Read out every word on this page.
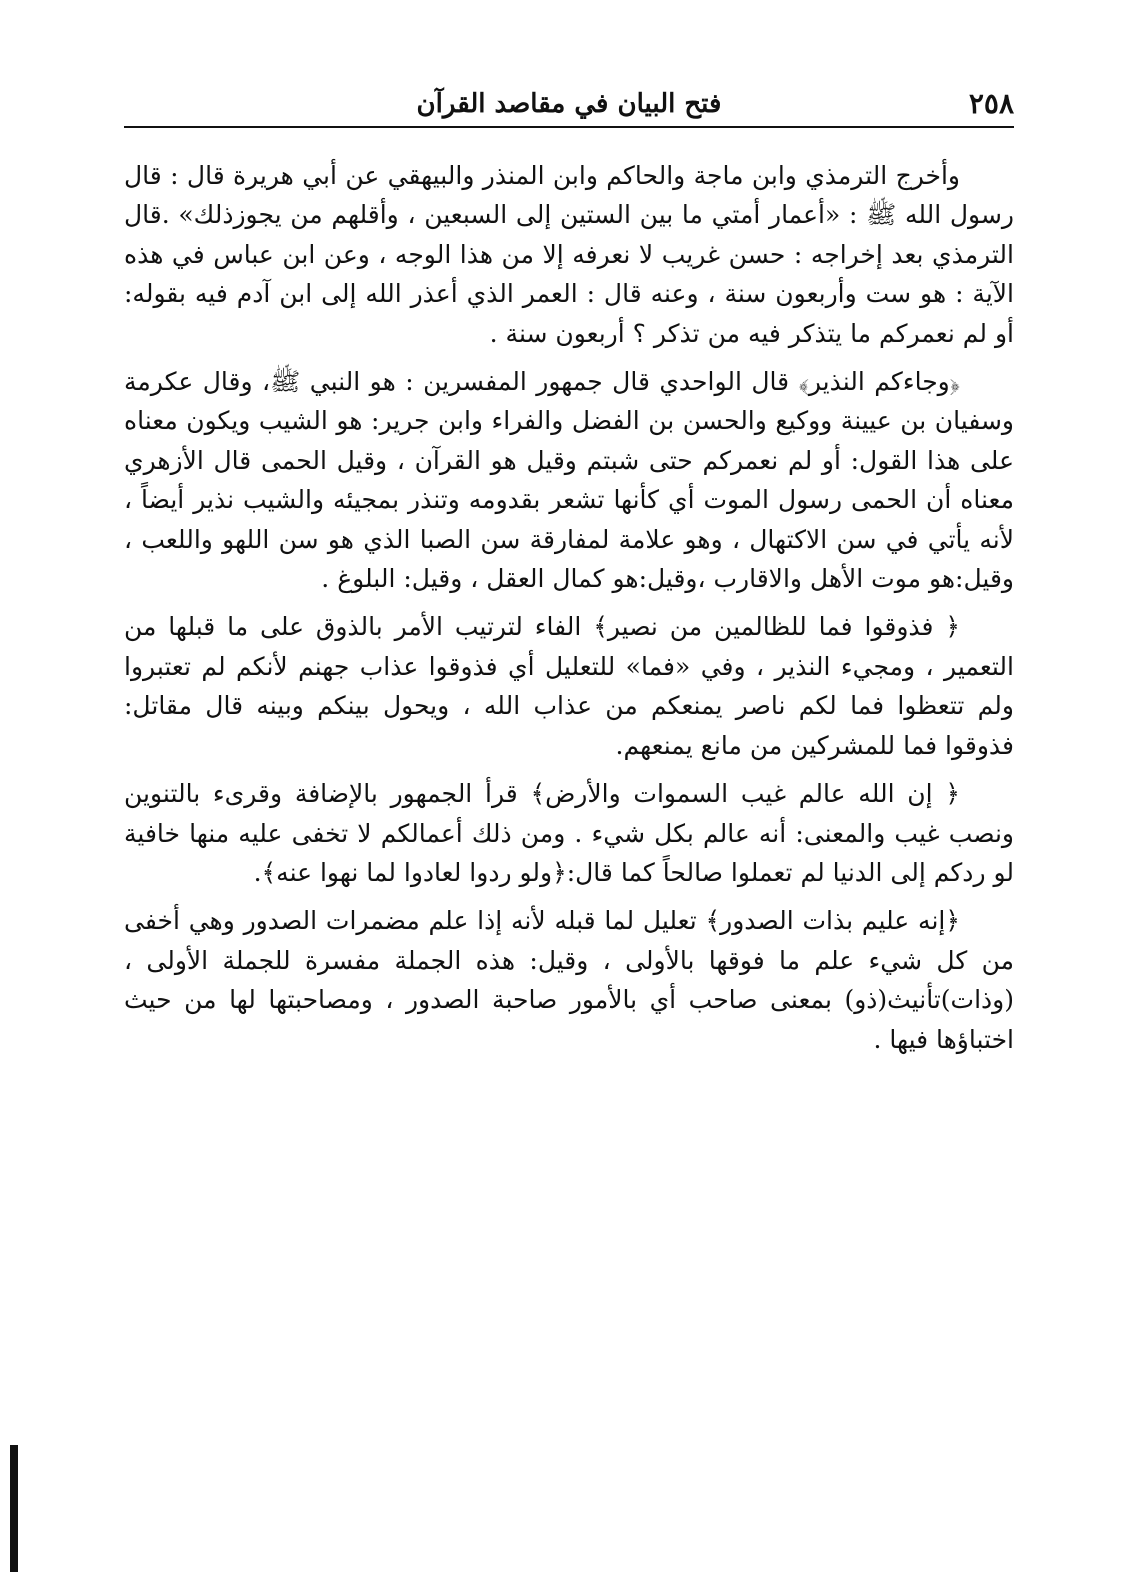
٢٥٨
فتح البيان في مقاصد القرآن

وأخرج الترمذي وابن ماجة والحاكم وابن المنذر والبيهقي عن أبي هريرة قال : قال رسول الله ﷺ : «أعمار أمتي ما بين الستين إلى السبعين ، وأقلهم من يجوزذلك» .قال الترمذي بعد إخراجه : حسن غريب لا نعرفه إلا من هذا الوجه ، وعن ابن عباس في هذه الآية : هو ست وأربعون سنة ، وعنه قال : العمر الذي أعذر الله إلى ابن آدم فيه بقوله: أو لم نعمركم ما يتذكر فيه من تذكر ؟ أربعون سنة .

﴿وجاءكم النذير﴾ قال الواحدي قال جمهور المفسرين : هو النبي ﷺ، وقال عكرمة وسفيان بن عيينة ووكيع والحسن بن الفضل والفراء وابن جرير: هو الشيب ويكون معناه على هذا القول: أو لم نعمركم حتى شبتم وقيل هو القرآن ، وقيل الحمى قال الأزهري معناه أن الحمى رسول الموت أي كأنها تشعر بقدومه وتنذر بمجيئه والشيب نذير أيضاً ، لأنه يأتي في سن الاكتهال ، وهو علامة لمفارقة سن الصبا الذي هو سن اللهو واللعب ، وقيل:هو موت الأهل والاقارب ،وقيل:هو كمال العقل ، وقيل: البلوغ .

﴿ فذوقوا فما للظالمين من نصير﴾ الفاء لترتيب الأمر بالذوق على ما قبلها من التعمير ، ومجيء النذير ، وفي «فما» للتعليل أي فذوقوا عذاب جهنم لأنكم لم تعتبروا ولم تتعظوا فما لكم ناصر يمنعكم من عذاب الله ، ويحول بينكم وبينه قال مقاتل: فذوقوا فما للمشركين من مانع يمنعهم.

﴿ إن الله عالم غيب السموات والأرض﴾ قرأ الجمهور بالإضافة وقرىء بالتنوين ونصب غيب والمعنى: أنه عالم بكل شيء . ومن ذلك أعمالكم لا تخفى عليه منها خافية لو ردكم إلى الدنيا لم تعملوا صالحاً كما قال:﴿ولو ردوا لعادوا لما نهوا عنه﴾.

﴿إنه عليم بذات الصدور﴾ تعليل لما قبله لأنه إذا علم مضمرات الصدور وهي أخفى من كل شيء علم ما فوقها بالأولى ، وقيل: هذه الجملة مفسرة للجملة الأولى ،(وذات)تأنيث(ذو) بمعنى صاحب أي بالأمور صاحبة الصدور ، ومصاحبتها لها من حيث اختباؤها فيها .
